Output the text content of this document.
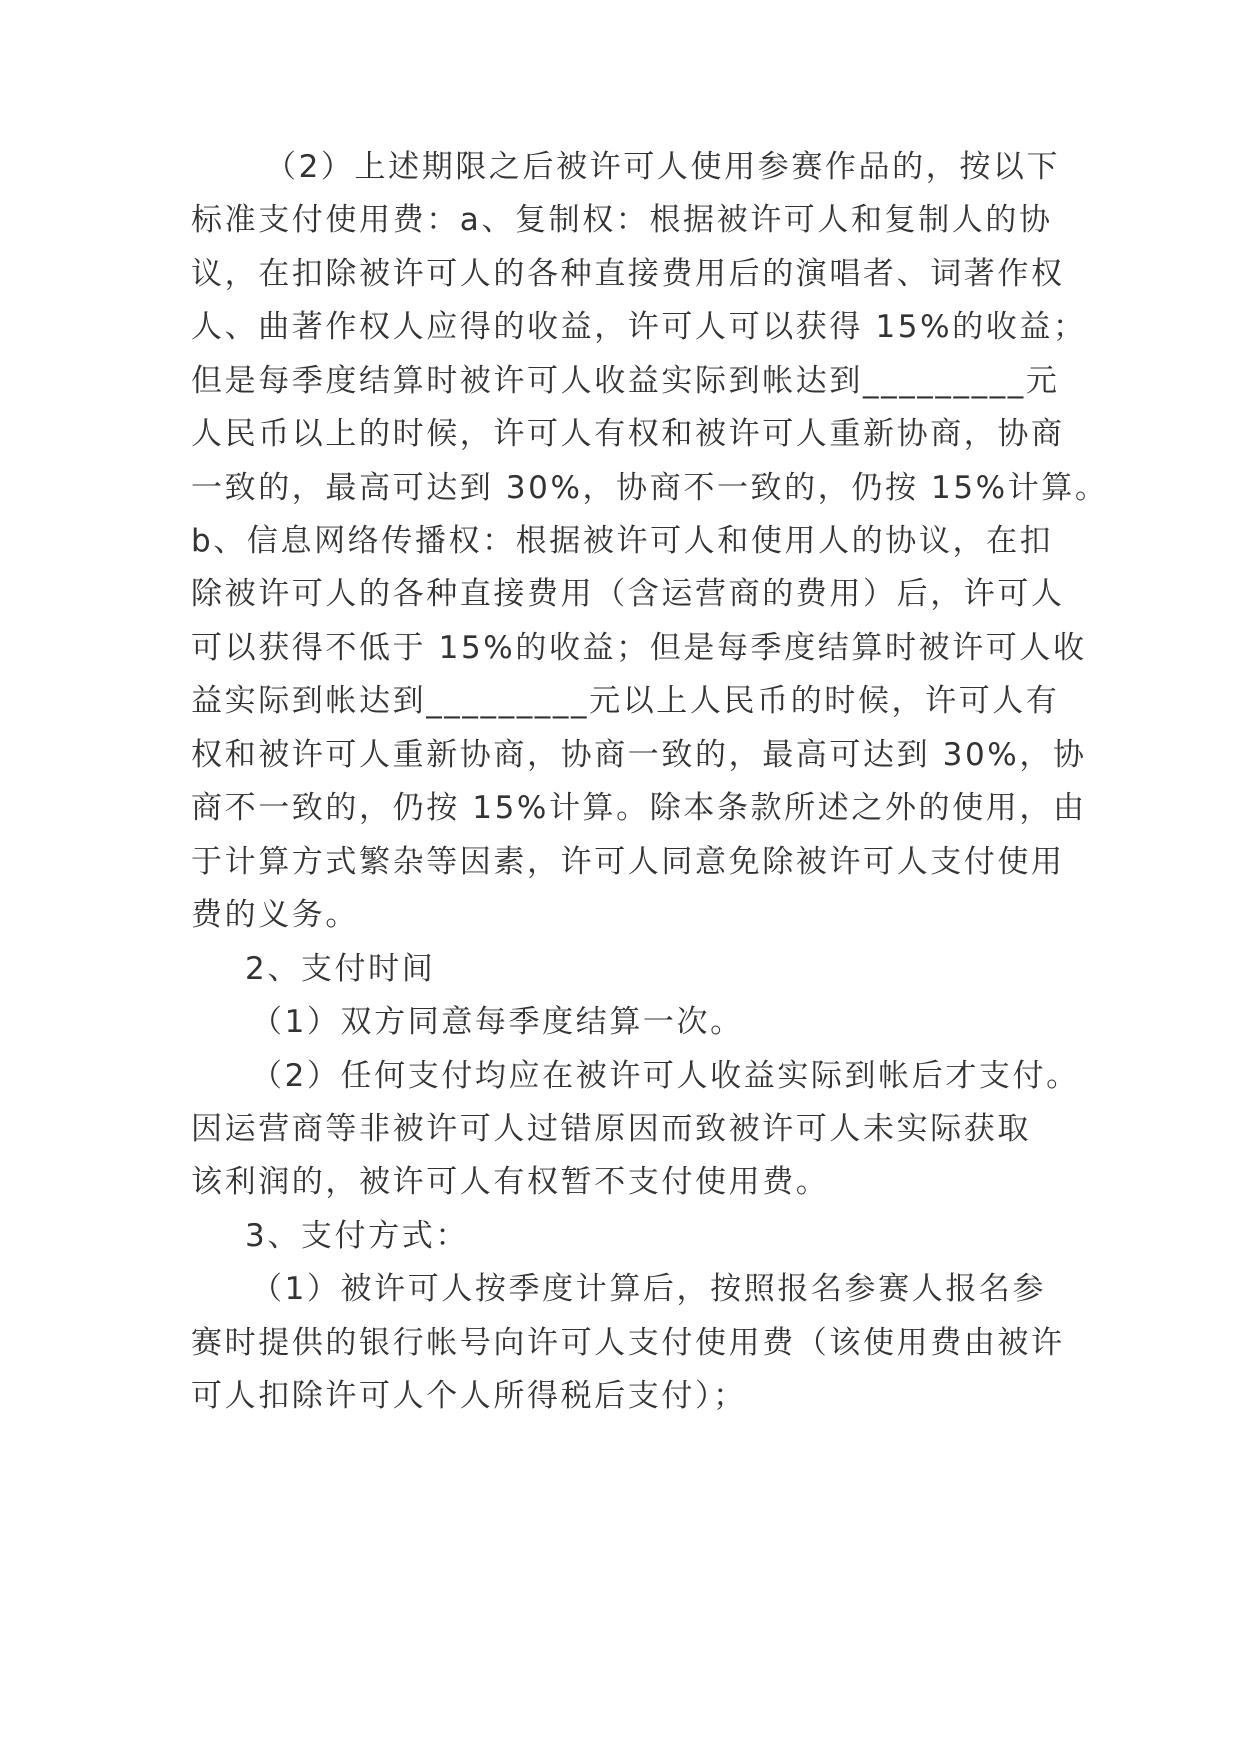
（2）上述期限之后被许可人使用参赛作品的，按以下
标准支付使用费：a、复制权：根据被许可人和复制人的协
议，在扣除被许可人的各种直接费用后的演唱者、词著作权
人、曲著作权人应得的收益，许可人可以获得 15%的收益；
但是每季度结算时被许可人收益实际到帐达到_________元
人民币以上的时候，许可人有权和被许可人重新协商，协商
一致的，最高可达到 30%，协商不一致的，仍按 15%计算。
b、信息网络传播权：根据被许可人和使用人的协议，在扣
除被许可人的各种直接费用（含运营商的费用）后，许可人
可以获得不低于 15%的收益；但是每季度结算时被许可人收
益实际到帐达到_________元以上人民币的时候，许可人有
权和被许可人重新协商，协商一致的，最高可达到 30%，协
商不一致的，仍按 15%计算。除本条款所述之外的使用，由
于计算方式繁杂等因素，许可人同意免除被许可人支付使用
费的义务。
2、支付时间
（1）双方同意每季度结算一次。
（2）任何支付均应在被许可人收益实际到帐后才支付。
因运营商等非被许可人过错原因而致被许可人未实际获取
该利润的，被许可人有权暂不支付使用费。
3、支付方式：
（1）被许可人按季度计算后，按照报名参赛人报名参
赛时提供的银行帐号向许可人支付使用费（该使用费由被许
可人扣除许可人个人所得税后支付）；
